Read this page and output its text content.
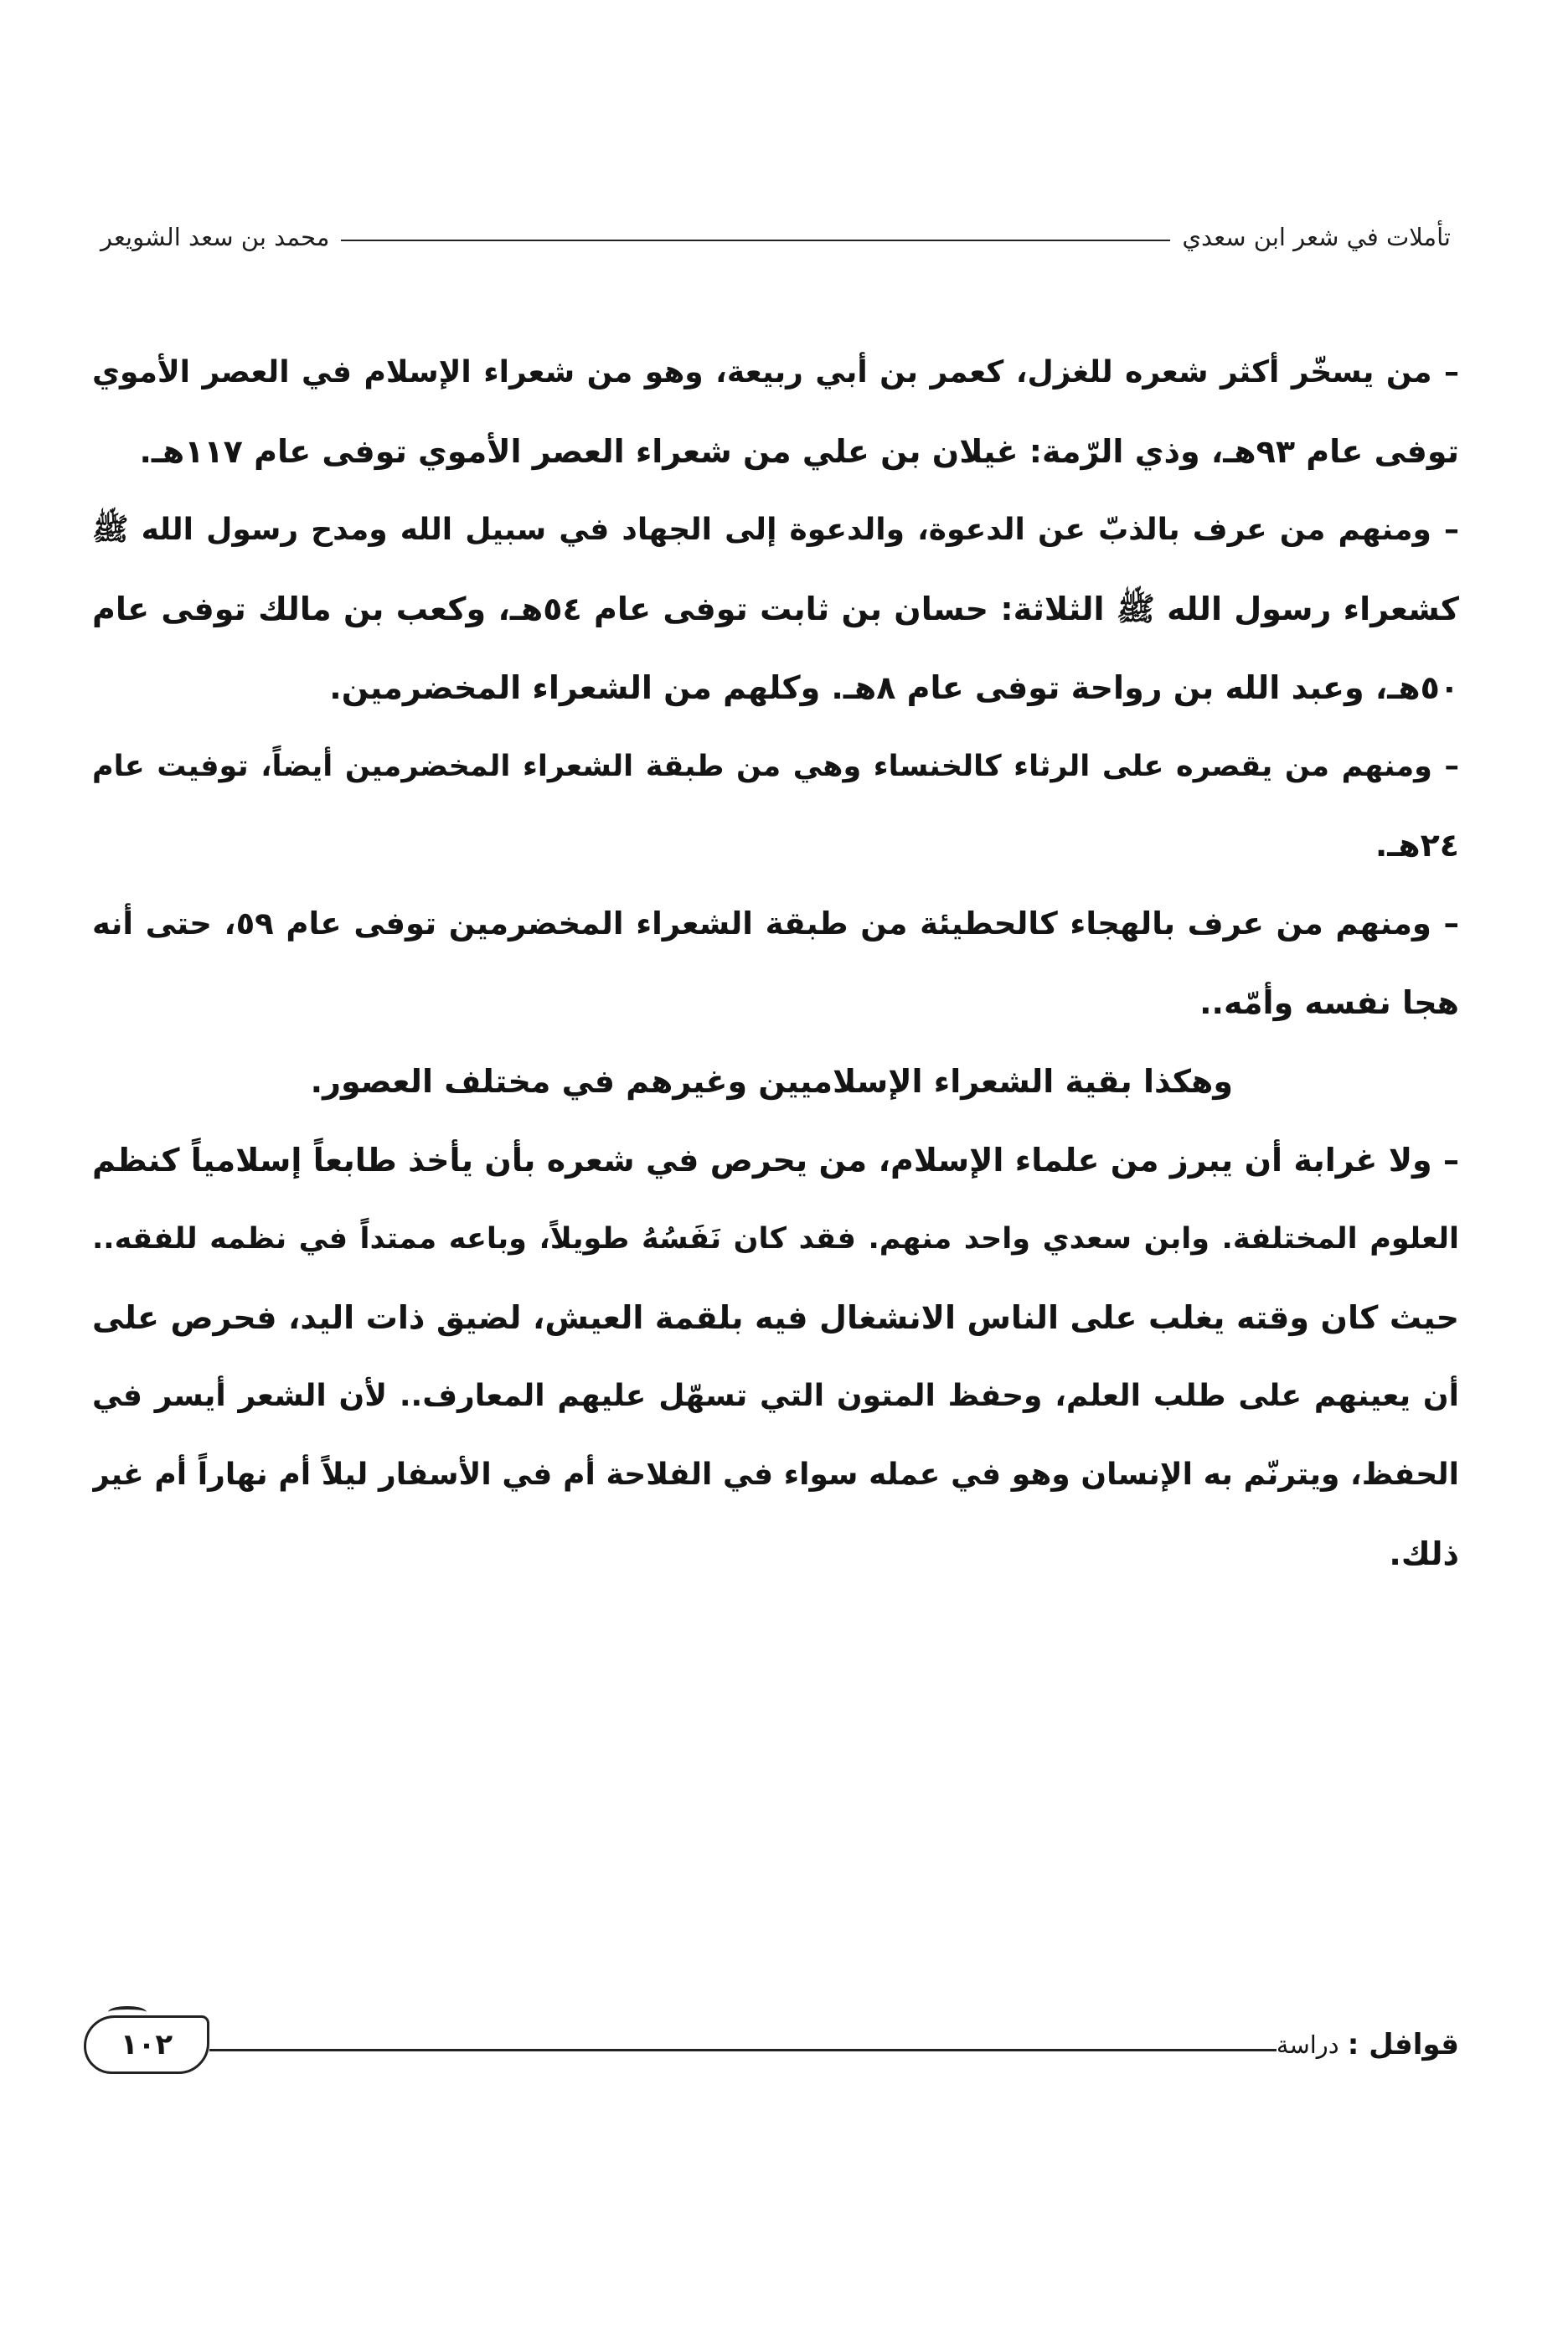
تأملات في شعر ابن سعدي
محمد بن سعد الشويعر
– من يسخّر أكثر شعره للغزل، كعمر بن أبي ربيعة، وهو من شعراء الإسلام في العصر الأموي
توفى عام ٩٣هـ، وذي الرّمة: غيلان بن علي من شعراء العصر الأموي توفى عام ١١٧هـ.
– ومنهم من عرف بالذبّ عن الدعوة، والدعوة إلى الجهاد في سبيل الله ومدح رسول الله ﷺ
كشعراء رسول الله ﷺ الثلاثة: حسان بن ثابت توفى عام ٥٤هـ، وكعب بن مالك توفى عام
٥٠هـ، وعبد الله بن رواحة توفى عام ٨هـ. وكلهم من الشعراء المخضرمين.
– ومنهم من يقصره على الرثاء كالخنساء وهي من طبقة الشعراء المخضرمين أيضاً، توفيت عام
٢٤هـ.
– ومنهم من عرف بالهجاء كالحطيئة من طبقة الشعراء المخضرمين توفى عام ٥٩، حتى أنه
هجا نفسه وأمّه..
وهكذا بقية الشعراء الإسلاميين وغيرهم في مختلف العصور.
– ولا غرابة أن يبرز من علماء الإسلام، من يحرص في شعره بأن يأخذ طابعاً إسلامياً كنظم
العلوم المختلفة. وابن سعدي واحد منهم. فقد كان نَفَسُهُ طويلاً، وباعه ممتداً في نظمه للفقه..
حيث كان وقته يغلب على الناس الانشغال فيه بلقمة العيش، لضيق ذات اليد، فحرص على
أن يعينهم على طلب العلم، وحفظ المتون التي تسهّل عليهم المعارف.. لأن الشعر أيسر في
الحفظ، ويترنّم به الإنسان وهو في عمله سواء في الفلاحة أم في الأسفار ليلاً أم نهاراً أم غير
ذلك.
قوافل :
دراسة
١٠٢
